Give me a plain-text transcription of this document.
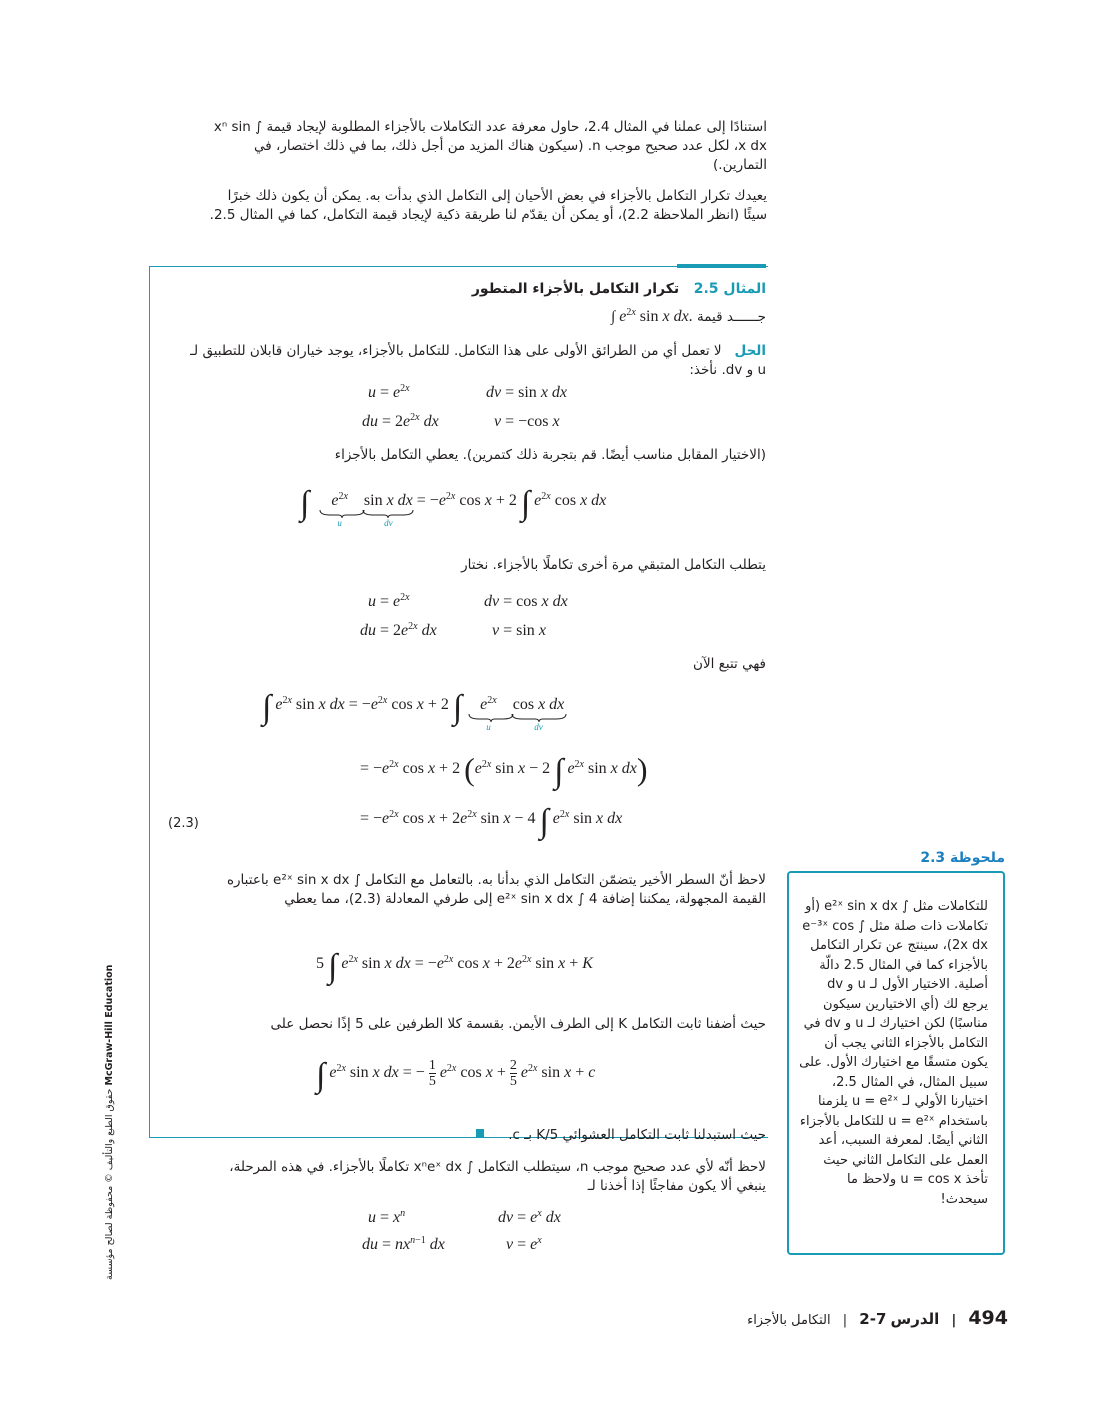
استنادًا إلى عملنا في المثال 2.4، حاول معرفة عدد التكاملات بالأجزاء المطلوبة لإيجاد قيمة ∫ xⁿ sin x dx، لكل عدد صحيح موجب n. (سيكون هناك المزيد من أجل ذلك، بما في ذلك اختصار، في التمارين.)
يعيدك تكرار التكامل بالأجزاء في بعض الأحيان إلى التكامل الذي بدأت به. يمكن أن يكون ذلك خبرًا سيئًا (انظر الملاحظة 2.2)، أو يمكن أن يقدّم لنا طريقة ذكية لإيجاد قيمة التكامل، كما في المثال 2.5.
المثال 2.5   تكرار التكامل بالأجزاء المتطور
جــــــد قيمة ∫ $e^{2x}$ sin x dx.
الحل   لا تعمل أي من الطرائق الأولى على هذا التكامل. للتكامل بالأجزاء، يوجد خياران قابلان للتطبيق لـ u و dv. نأخذ:
$u = e^{2x}$	dv = sin x dx
du = $2e^{2x}$ dx	v = −cos x
(الاختيار المقابل مناسب أيضًا. قم بتجربة ذلك كتمرين). يعطي التكامل بالأجزاء
∫ $e^{2x}$
u
sin x dx
dv
= $-e^{2x}$ cos x + 2 ∫ $e^{2x}$ cos x dx
يتطلب التكامل المتبقي مرة أخرى تكاملًا بالأجزاء. نختار
$u = e^{2x}$	dv = cos x dx
du = $2e^{2x}$ dx	v = sin x
فهي تتبع الآن
∫ $e^{2x}$ sin x dx = $-e^{2x}$ cos x + 2 ∫ $e^{2x}$
u
cos x dx
dv
= $-e^{2x}$ cos x + 2 ($e^{2x}$ sin x − 2 ∫ $e^{2x}$ sin x dx)
= $-e^{2x}$ $\cos x + 2e^{2x}$ sin x − 4 ∫ $e^{2x}$ sin x dx
(2.3)
لاحظ أنّ السطر الأخير يتضمّن التكامل الذي بدأنا به. بالتعامل مع التكامل ∫ e²ˣ sin x dx باعتباره القيمة المجهولة، يمكننا إضافة 4 ∫ e²ˣ sin x dx إلى طرفي المعادلة (2.3)، مما يعطي
5 ∫ $e^{2x}$ sin x dx = $-e^{2x}$ $\cos x + 2e^{2x}$ sin x + K
حيث أضفنا ثابت التكامل K إلى الطرف الأيمن. بقسمة كلا الطرفين على 5 إذًا نحصل على
∫ $e^{2x}$ sin x dx = − $\frac{1}{5} e^{2x}$ $\cos x + \frac{2}{5} e^{2x}$ sin x + c
حيث استبدلنا ثابت التكامل العشوائي K/5 بـ c.
لاحظ أنّه لأي عدد صحيح موجب n، سيتطلب التكامل ∫ xⁿeˣ dx تكاملًا بالأجزاء. في هذه المرحلة، ينبغي ألا يكون مفاجئًا إذا أخذنا لـ
$u = x^n$	dv = $e^x$ dx
du = $nx^{n-1}$ dx	$v = e^x$
ملحوظة 2.3
للتكاملات مثل ∫ e²ˣ sin x dx (أو تكاملات ذات صلة مثل ∫ e⁻³ˣ cos 2x dx)، سينتج عن تكرار التكامل بالأجزاء كما في المثال 2.5 دالّة أصلية. الاختيار الأول لـ u و dv يرجع لك (أي الاختيارين سيكون مناسبًا) لكن اختيارك لـ u و dv في التكامل بالأجزاء الثاني يجب أن يكون متسقًا مع اختيارك الأول. على سبيل المثال، في المثال 2.5، اختيارنا الأولي لـ u = e²ˣ يلزمنا باستخدام u = e²ˣ للتكامل بالأجزاء الثاني أيضًا. لمعرفة السبب، أعد العمل على التكامل الثاني حيث تأخذ u = cos x ولاحظ ما سيحدث!
حقوق الطبع والتأليف © محفوظة لصالح مؤسسة McGraw-Hill Education
494 | الدرس 7-2 | التكامل بالأجزاء
